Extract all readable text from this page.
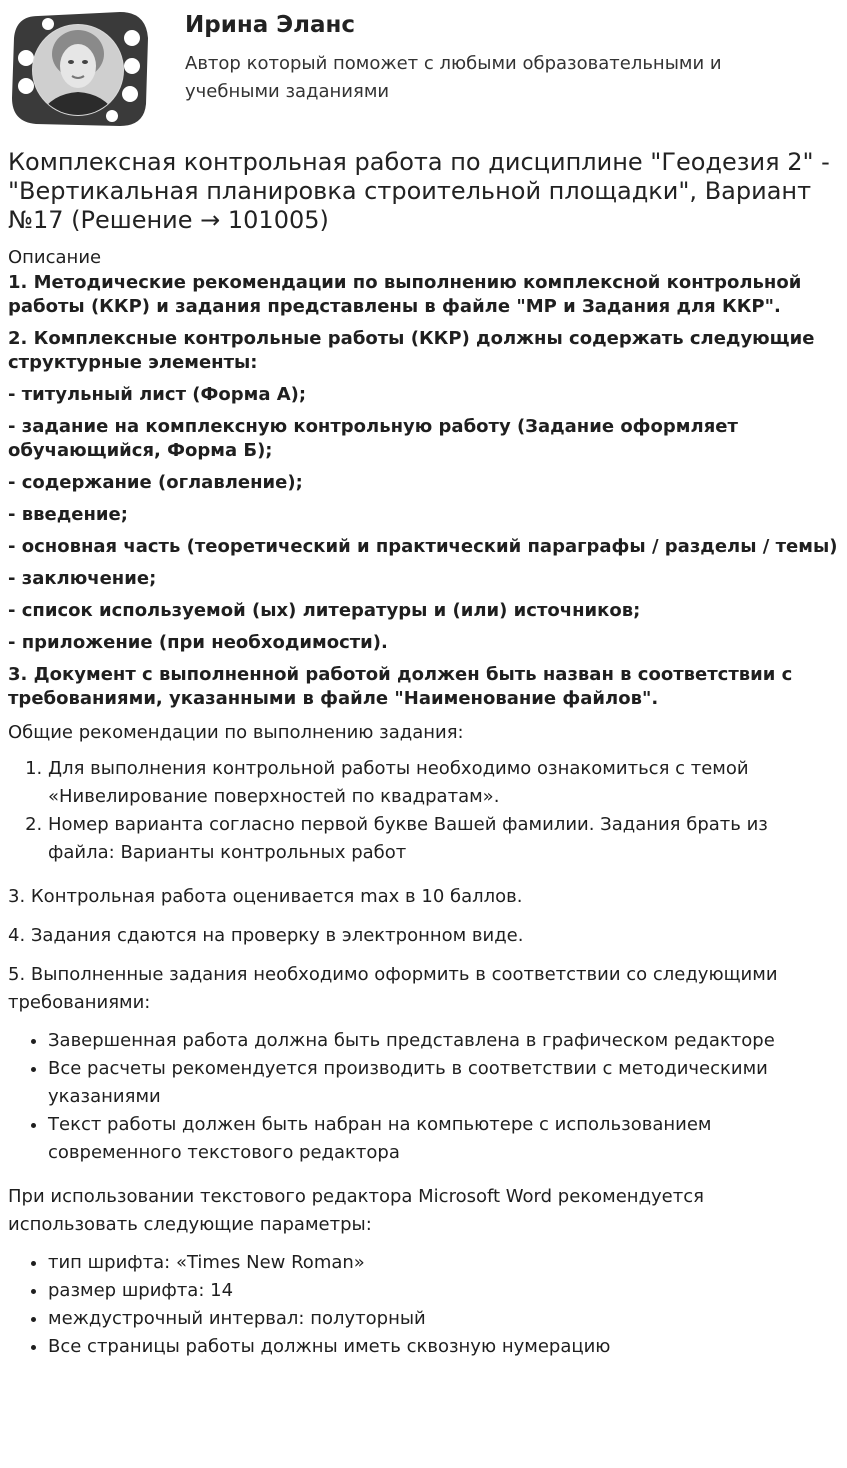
Ирина Эланс
Автор который поможет с любыми образовательными и учебными заданиями
Комплексная контрольная работа по дисциплине "Геодезия 2" - "Вертикальная планировка строительной площадки", Вариант №17 (Решение → 101005)
Описание

1. Методические рекомендации по выполнению комплексной контрольной работы (ККР) и задания представлены в файле "МР и Задания для ККР".

2. Комплексные контрольные работы (ККР) должны содержать следующие структурные элементы:

- титульный лист (Форма А);

- задание на комплексную контрольную работу (Задание оформляет обучающийся, Форма Б);

- содержание (оглавление);

- введение;

- основная часть (теоретический и практический параграфы / разделы / темы)

- заключение;

- список используемой (ых) литературы и (или) источников;

- приложение (при необходимости).

3. Документ с выполненной работой должен быть назван в соответствии с требованиями, указанными в файле "Наименование файлов".

Общие рекомендации по выполнению задания:

1. Для выполнения контрольной работы необходимо ознакомиться с темой «Нивелирование поверхностей по квадратам».
2. Номер варианта согласно первой букве Вашей фамилии. Задания брать из файла: Варианты контрольных работ

3. Контрольная работа оценивается max в 10 баллов.

4. Задания сдаются на проверку в электронном виде.

5. Выполненные задания необходимо оформить в соответствии со следующими требованиями:

• Завершенная работа должна быть представлена в графическом редакторе
• Все расчеты рекомендуется производить в соответствии с методическими указаниями
• Текст работы должен быть набран на компьютере с использованием современного текстового редактора

При использовании текстового редактора Microsoft Word рекомендуется использовать следующие параметры:

• тип шрифта: «Times New Roman»
• размер шрифта: 14
• междустрочный интервал: полуторный
• Все страницы работы должны иметь сквозную нумерацию
